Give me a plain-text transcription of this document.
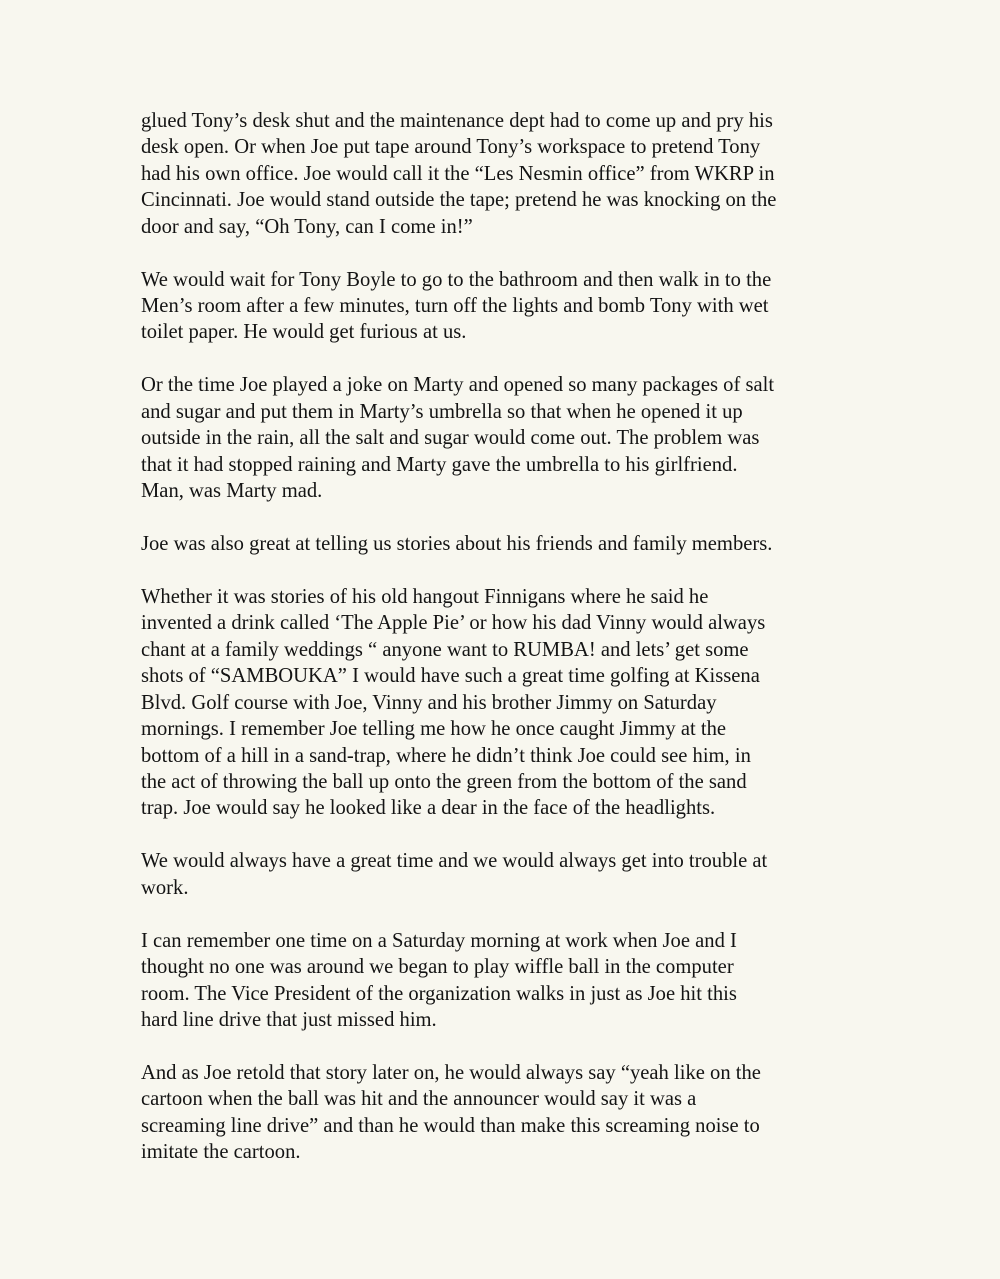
glued Tony’s desk shut and the maintenance dept had to come up and pry his
desk open. Or when Joe put tape around Tony’s workspace to pretend Tony
had his own office. Joe would call it the “Les Nesmin office” from WKRP in
Cincinnati. Joe would stand outside the tape; pretend he was knocking on the
door and say, “Oh Tony, can I come in!”

We would wait for Tony Boyle to go to the bathroom and then walk in to the
Men’s room after a few minutes, turn off the lights and bomb Tony with wet
toilet paper. He would get furious at us.

Or the time Joe played a joke on Marty and opened so many packages of salt
and sugar and put them in Marty’s umbrella so that when he opened it up
outside in the rain, all the salt and sugar would come out. The problem was
that it had stopped raining and Marty gave the umbrella to his girlfriend.
Man, was Marty mad.

Joe was also great at telling us stories about his friends and family members.

Whether it was stories of his old hangout Finnigans where he said he
invented a drink called ‘The Apple Pie’ or how his dad Vinny would always
chant at a family weddings “ anyone want to RUMBA! and lets’ get some
shots of “SAMBOUKA” I would have such a great time golfing at Kissena
Blvd. Golf course with Joe, Vinny and his brother Jimmy on Saturday
mornings. I remember Joe telling me how he once caught Jimmy at the
bottom of a hill in a sand-trap, where he didn’t think Joe could see him, in
the act of throwing the ball up onto the green from the bottom of the sand
trap. Joe would say he looked like a dear in the face of the headlights.

We would always have a great time and we would always get into trouble at
work.

I can remember one time on a Saturday morning at work when Joe and I
thought no one was around we began to play wiffle ball in the computer
room. The Vice President of the organization walks in just as Joe hit this
hard line drive that just missed him.

And as Joe retold that story later on, he would always say “yeah like on the
cartoon when the ball was hit and the announcer would say it was a
screaming line drive” and than he would than make this screaming noise to
imitate the cartoon.
